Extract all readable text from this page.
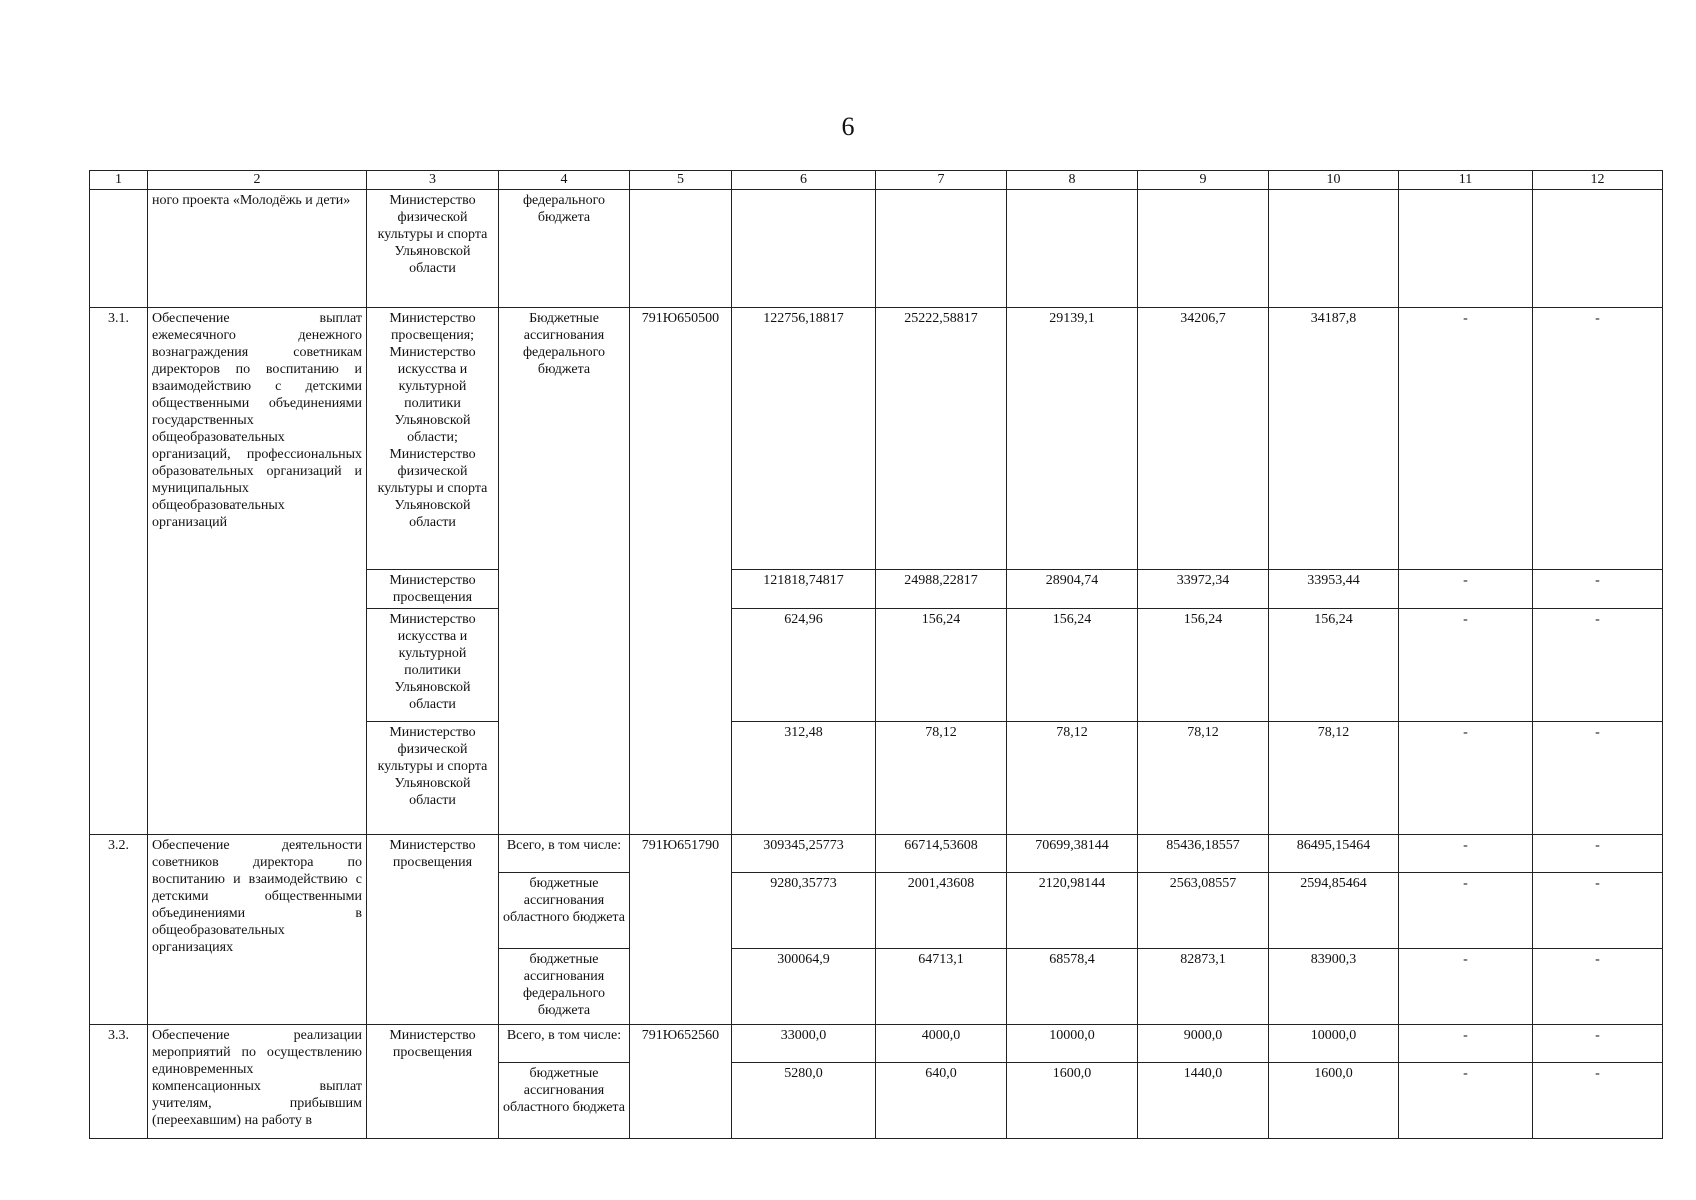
6
1	2	3	4	5	6	7	8	9	10	11	12
	ного проекта «Молодёжь и дети»	Министерство физической культуры и спорта Ульяновской области	федерального бюджета								
3.1.	Обеспечение выплат ежемесячного денежного вознаграждения советникам директоров по воспитанию и взаимодействию с детскими общественными объединениями государственных общеобразовательных организаций, профессиональных образовательных организаций и муниципальных общеобразовательных организаций	Министерство просвещения; Министерство искусства и культурной политики Ульяновской области; Министерство физической культуры и спорта Ульяновской области	Бюджетные ассигнования федерального бюджета	791Ю650500	122756,18817	25222,58817	29139,1	34206,7	34187,8	-	-
		Министерство просвещения			121818,74817	24988,22817	28904,74	33972,34	33953,44	-	-
		Министерство искусства и культурной политики Ульяновской области			624,96	156,24	156,24	156,24	156,24	-	-
		Министерство физической культуры и спорта Ульяновской области			312,48	78,12	78,12	78,12	78,12	-	-
3.2.	Обеспечение деятельности советников директора по воспитанию и взаимодействию с детскими общественными объединениями в общеобразовательных организациях	Министерство просвещения	Всего, в том числе:	791Ю651790	309345,25773	66714,53608	70699,38144	85436,18557	86495,15464	-	-
			бюджетные ассигнования областного бюджета		9280,35773	2001,43608	2120,98144	2563,08557	2594,85464	-	-
			бюджетные ассигнования федерального бюджета		300064,9	64713,1	68578,4	82873,1	83900,3	-	-
3.3.	Обеспечение реализации мероприятий по осуществлению единовременных компенсационных выплат учителям, прибывшим (переехавшим) на работу в	Министерство просвещения	Всего, в том числе:	791Ю652560	33000,0	4000,0	10000,0	9000,0	10000,0	-	-
			бюджетные ассигнования областного бюджета		5280,0	640,0	1600,0	1440,0	1600,0	-	-
